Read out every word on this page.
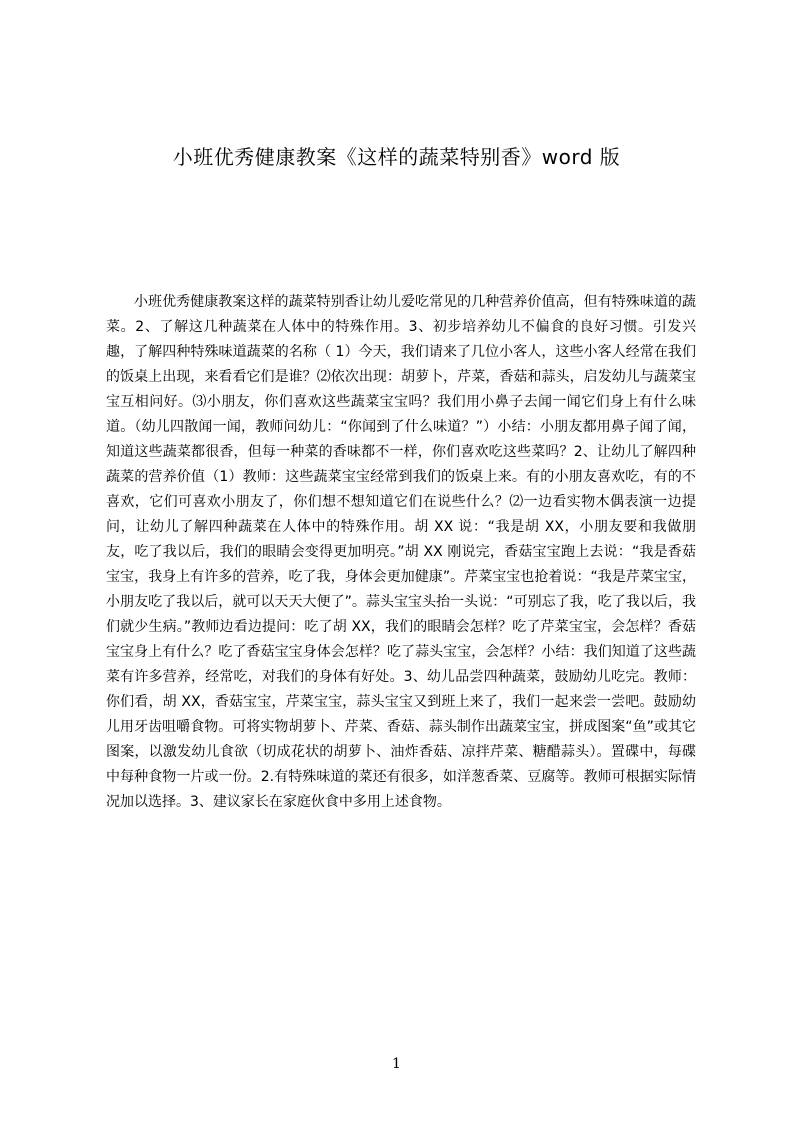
小班优秀健康教案《这样的蔬菜特别香》word 版

小班优秀健康教案这样的蔬菜特别香让幼儿爱吃常见的几种营养价值高，但有特殊味道的蔬菜。2、了解这几种蔬菜在人体中的特殊作用。3、初步培养幼儿不偏食的良好习惯。引发兴趣，了解四种特殊味道蔬菜的名称（ 1）今天，我们请来了几位小客人，这些小客人经常在我们的饭桌上出现，来看看它们是谁？⑵依次出现：胡萝卜，芹菜，香菇和蒜头，启发幼儿与蔬菜宝宝互相问好。⑶小朋友，你们喜欢这些蔬菜宝宝吗？我们用小鼻子去闻一闻它们身上有什么味道。（幼儿四散闻一闻，教师问幼儿：“你闻到了什么味道？”）小结：小朋友都用鼻子闻了闻，知道这些蔬菜都很香，但每一种菜的香味都不一样，你们喜欢吃这些菜吗？2、让幼儿了解四种蔬菜的营养价值（1）教师：这些蔬菜宝宝经常到我们的饭桌上来。有的小朋友喜欢吃，有的不喜欢，它们可喜欢小朋友了，你们想不想知道它们在说些什么？⑵一边看实物木偶表演一边提问，让幼儿了解四种蔬菜在人体中的特殊作用。胡 XX 说：“我是胡 XX，小朋友要和我做朋友，吃了我以后，我们的眼睛会变得更加明亮。”胡 XX 刚说完，香菇宝宝跑上去说：“我是香菇宝宝，我身上有许多的营养，吃了我，身体会更加健康”。芹菜宝宝也抢着说：“我是芹菜宝宝，小朋友吃了我以后，就可以天天大便了”。蒜头宝宝头抬一头说：“可别忘了我，吃了我以后，我们就少生病。”教师边看边提问：吃了胡 XX，我们的眼睛会怎样？吃了芹菜宝宝，会怎样？香菇宝宝身上有什么？吃了香菇宝宝身体会怎样？吃了蒜头宝宝，会怎样？小结：我们知道了这些蔬菜有许多营养，经常吃，对我们的身体有好处。3、幼儿品尝四种蔬菜，鼓励幼儿吃完。教师：你们看，胡 XX，香菇宝宝，芹菜宝宝，蒜头宝宝又到班上来了，我们一起来尝一尝吧。鼓励幼儿用牙齿咀嚼食物。可将实物胡萝卜、芹菜、香菇、蒜头制作出蔬菜宝宝，拼成图案“鱼”或其它图案，以激发幼儿食欲（切成花状的胡萝卜、油炸香菇、凉拌芹菜、糖醋蒜头）。置碟中，每碟中每种食物一片或一份。2.有特殊味道的菜还有很多，如洋葱香菜、豆腐等。教师可根据实际情况加以选择。3、建议家长在家庭伙食中多用上述食物。

1
